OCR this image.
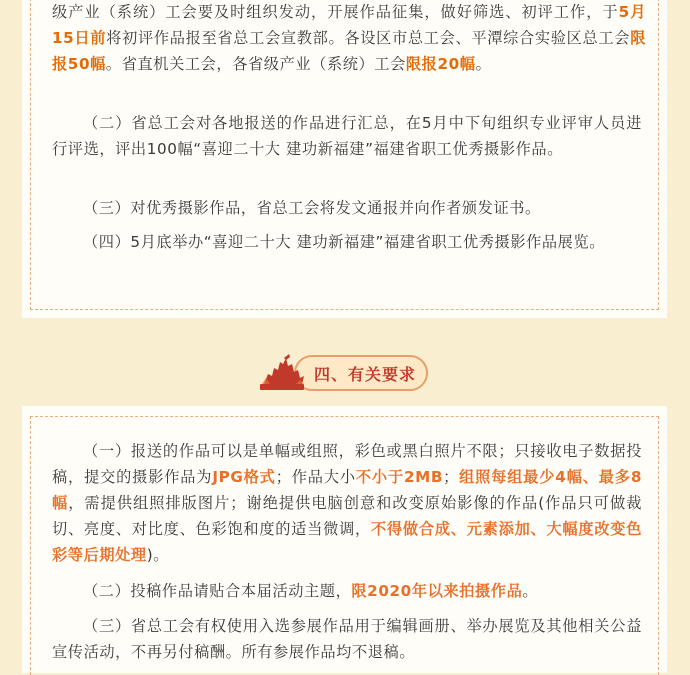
级产业（系统）工会要及时组织发动，开展作品征集，做好筛选、初评工作，于5月15日前将初评作品报至省总工会宣教部。各设区市总工会、平潭综合实验区总工会限报50幅。省直机关工会，各省级产业（系统）工会限报20幅。
（二）省总工会对各地报送的作品进行汇总，在5月中下旬组织专业评审人员进行评选，评出100幅“喜迎二十大 建功新福建”福建省职工优秀摄影作品。
（三）对优秀摄影作品，省总工会将发文通报并向作者颁发证书。
（四）5月底举办“喜迎二十大 建功新福建”福建省职工优秀摄影作品展览。
四、有关要求
（一）报送的作品可以是单幅或组照，彩色或黑白照片不限；只接收电子数据投稿，提交的摄影作品为JPG格式；作品大小不小于2MB；组照每组最少4幅、最多8幅，需提供组照排版图片；谢绝提供电脑创意和改变原始影像的作品(作品只可做裁切、亮度、对比度、色彩饱和度的适当微调，不得做合成、元素添加、大幅度改变色彩等后期处理)。
（二）投稿作品请贴合本届活动主题，限2020年以来拍摄作品。
（三）省总工会有权使用入选参展作品用于编辑画册、举办展览及其他相关公益宣传活动，不再另付稿酬。所有参展作品均不退稿。
